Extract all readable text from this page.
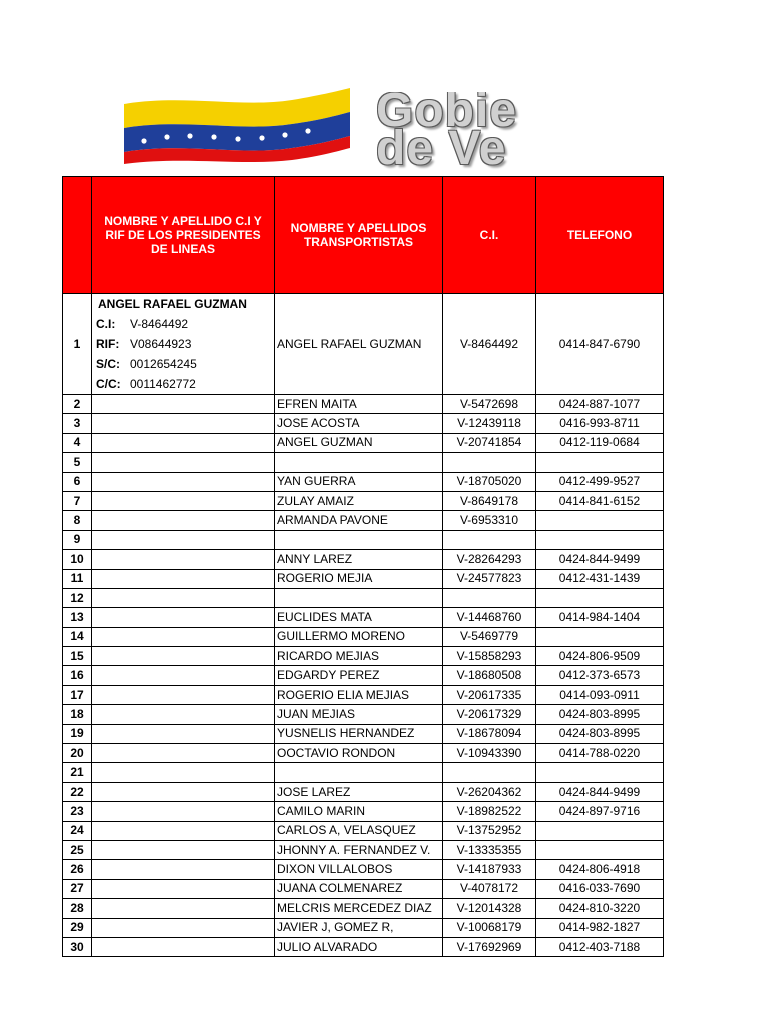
Gobie
de Ve
	NOMBRE Y APELLIDO C.I Y RIF DE LOS PRESIDENTES DE LINEAS	NOMBRE Y APELLIDOS TRANSPORTISTAS	C.I.	TELEFONO
1	ANGEL RAFAEL GUZMAN
C.I: V-8464492
RIF: V08644923
S/C: 0012654245
C/C: 0011462772	ANGEL RAFAEL GUZMAN	V-8464492	0414-847-6790
2		EFREN MAITA	V-5472698	0424-887-1077
3		JOSE ACOSTA	V-12439118	0416-993-8711
4		ANGEL GUZMAN	V-20741854	0412-119-0684
5				
6		YAN GUERRA	V-18705020	0412-499-9527
7		ZULAY AMAIZ	V-8649178	0414-841-6152
8		ARMANDA PAVONE	V-6953310	
9				
10		ANNY LAREZ	V-28264293	0424-844-9499
11		ROGERIO MEJIA	V-24577823	0412-431-1439
12				
13		EUCLIDES MATA	V-14468760	0414-984-1404
14		GUILLERMO MORENO	V-5469779	
15		RICARDO MEJIAS	V-15858293	0424-806-9509
16		EDGARDY PEREZ	V-18680508	0412-373-6573
17		ROGERIO ELIA MEJIAS	V-20617335	0414-093-0911
18		JUAN MEJIAS	V-20617329	0424-803-8995
19		YUSNELIS HERNANDEZ	V-18678094	0424-803-8995
20		OOCTAVIO RONDON	V-10943390	0414-788-0220
21				
22		JOSE LAREZ	V-26204362	0424-844-9499
23		CAMILO MARIN	V-18982522	0424-897-9716
24		CARLOS A, VELASQUEZ	V-13752952	
25		JHONNY A. FERNANDEZ V.	V-13335355	
26		DIXON VILLALOBOS	V-14187933	0424-806-4918
27		JUANA COLMENAREZ	V-4078172	0416-033-7690
28		MELCRIS MERCEDEZ DIAZ	V-12014328	0424-810-3220
29		JAVIER J, GOMEZ R,	V-10068179	0414-982-1827
30		JULIO ALVARADO	V-17692969	0412-403-7188
